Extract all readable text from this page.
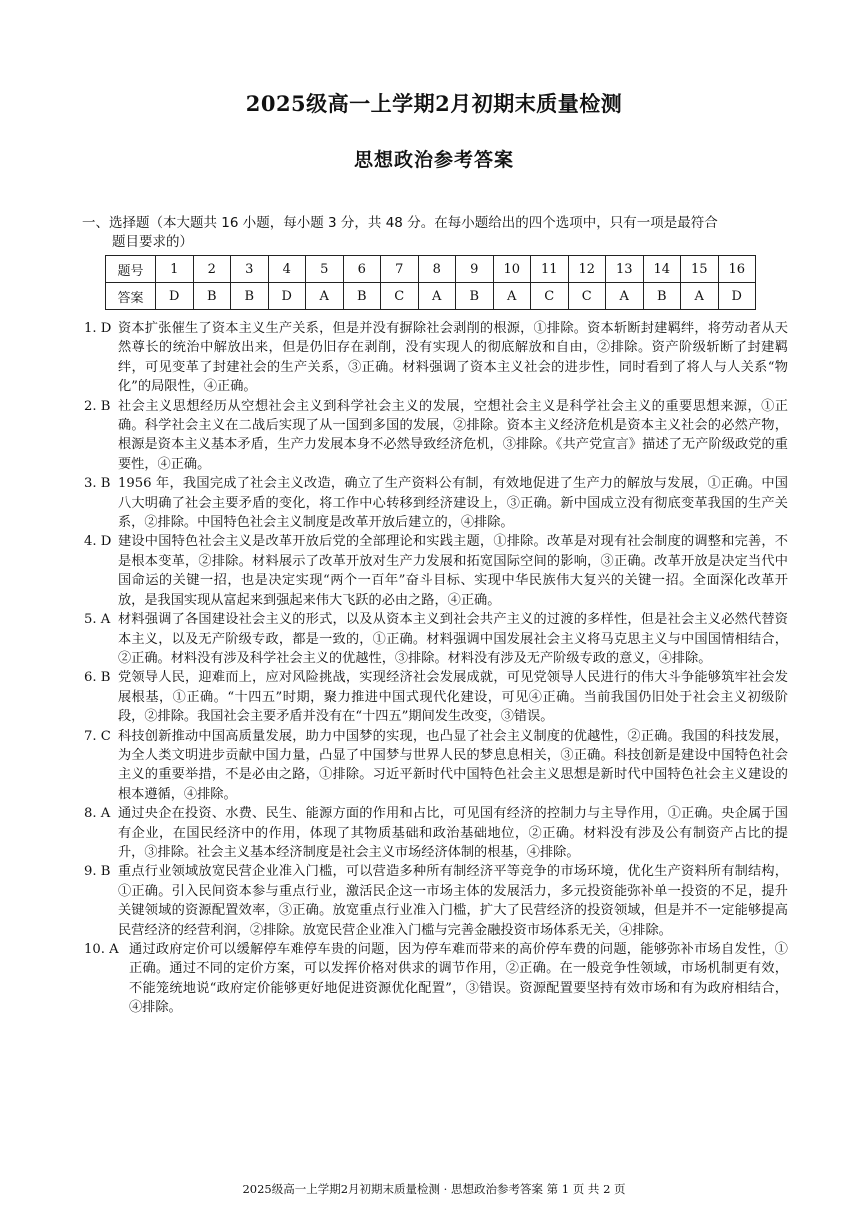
2025级高一上学期2月初期末质量检测
思想政治参考答案
一、选择题（本大题共 16 小题，每小题 3 分，共 48 分。在每小题给出的四个选项中，只有一项是最符合
题目要求的）
题号	1	2	3	4	5	6	7	8	9	10	11	12	13	14	15	16
答案	D	B	B	D	A	B	C	A	B	A	C	C	A	B	A	D
1. D 资本扩张催生了资本主义生产关系，但是并没有摒除社会剥削的根源，①排除。资本斩断封建羁绊，将劳动者从天然尊长的统治中解放出来，但是仍旧存在剥削，没有实现人的彻底解放和自由，②排除。资产阶级斩断了封建羁绊，可见变革了封建社会的生产关系，③正确。材料强调了资本主义社会的进步性，同时看到了将人与人关系“物化”的局限性，④正确。
2. B 社会主义思想经历从空想社会主义到科学社会主义的发展，空想社会主义是科学社会主义的重要思想来源，①正确。科学社会主义在二战后实现了从一国到多国的发展，②排除。资本主义经济危机是资本主义社会的必然产物，根源是资本主义基本矛盾，生产力发展本身不必然导致经济危机，③排除。《共产党宣言》描述了无产阶级政党的重要性，④正确。
3. B 1956 年，我国完成了社会主义改造，确立了生产资料公有制，有效地促进了生产力的解放与发展，①正确。中国八大明确了社会主要矛盾的变化，将工作中心转移到经济建设上，③正确。新中国成立没有彻底变革我国的生产关系，②排除。中国特色社会主义制度是改革开放后建立的，④排除。
4. D 建设中国特色社会主义是改革开放后党的全部理论和实践主题，①排除。改革是对现有社会制度的调整和完善，不是根本变革，②排除。材料展示了改革开放对生产力发展和拓宽国际空间的影响，③正确。改革开放是决定当代中国命运的关键一招，也是决定实现“两个一百年”奋斗目标、实现中华民族伟大复兴的关键一招。全面深化改革开放，是我国实现从富起来到强起来伟大飞跃的必由之路，④正确。
5. A 材料强调了各国建设社会主义的形式，以及从资本主义到社会共产主义的过渡的多样性，但是社会主义必然代替资本主义，以及无产阶级专政，都是一致的，①正确。材料强调中国发展社会主义将马克思主义与中国国情相结合，②正确。材料没有涉及科学社会主义的优越性，③排除。材料没有涉及无产阶级专政的意义，④排除。
6. B 党领导人民，迎难而上，应对风险挑战，实现经济社会发展成就，可见党领导人民进行的伟大斗争能够筑牢社会发展根基，①正确。“十四五”时期，聚力推进中国式现代化建设，可见④正确。当前我国仍旧处于社会主义初级阶段，②排除。我国社会主要矛盾并没有在“十四五”期间发生改变，③错误。
7. C 科技创新推动中国高质量发展，助力中国梦的实现，也凸显了社会主义制度的优越性，②正确。我国的科技发展，为全人类文明进步贡献中国力量，凸显了中国梦与世界人民的梦息息相关，③正确。科技创新是建设中国特色社会主义的重要举措，不是必由之路，①排除。习近平新时代中国特色社会主义思想是新时代中国特色社会主义建设的根本遵循，④排除。
8. A 通过央企在投资、水费、民生、能源方面的作用和占比，可见国有经济的控制力与主导作用，①正确。央企属于国有企业，在国民经济中的作用，体现了其物质基础和政治基础地位，②正确。材料没有涉及公有制资产占比的提升，③排除。社会主义基本经济制度是社会主义市场经济体制的根基，④排除。
9. B 重点行业领域放宽民营企业准入门槛，可以营造多种所有制经济平等竞争的市场环境，优化生产资料所有制结构，①正确。引入民间资本参与重点行业，激活民企这一市场主体的发展活力，多元投资能弥补单一投资的不足，提升关键领域的资源配置效率，③正确。放宽重点行业准入门槛，扩大了民营经济的投资领域，但是并不一定能够提高民营经济的经营利润，②排除。放宽民营企业准入门槛与完善金融投资市场体系无关，④排除。
10. A 通过政府定价可以缓解停车难停车贵的问题，因为停车难而带来的高价停车费的问题，能够弥补市场自发性，①正确。通过不同的定价方案，可以发挥价格对供求的调节作用，②正确。在一般竞争性领域，市场机制更有效，不能笼统地说“政府定价能够更好地促进资源优化配置”，③错误。资源配置要坚持有效市场和有为政府相结合，④排除。
2025级高一上学期2月初期末质量检测 · 思想政治参考答案 第 1 页 共 2 页
